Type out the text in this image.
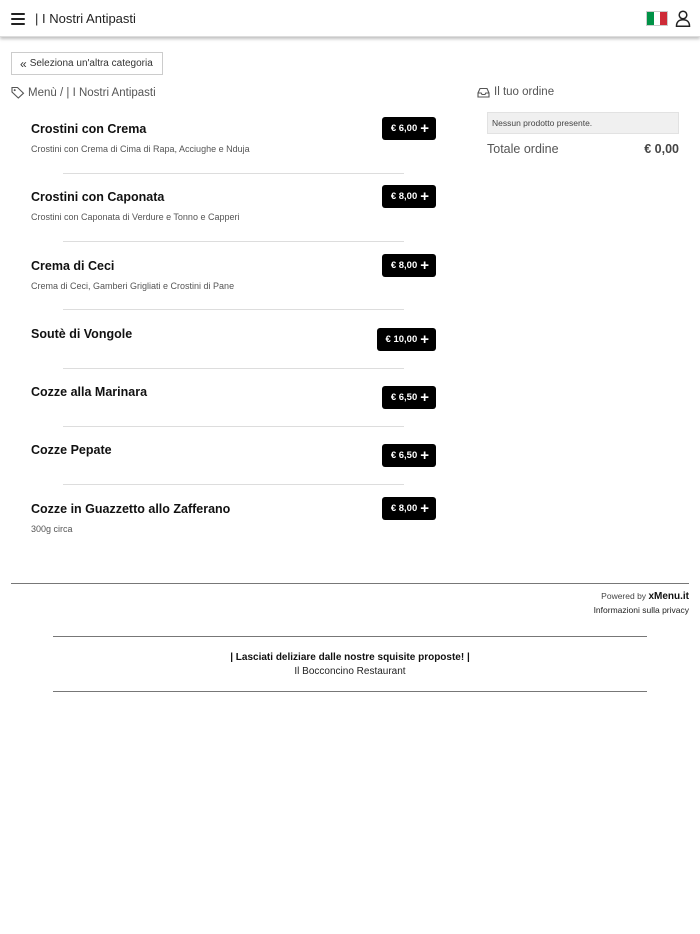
| I Nostri Antipasti
« Seleziona un'altra categoria
Menù / | I Nostri Antipasti
Crostini con Crema
Crostini con Crema di Cima di Rapa, Acciughe e Nduja
€ 6,00 +
Crostini con Caponata
Crostini con Caponata di Verdure e Tonno e Capperi
€ 8,00 +
Crema di Ceci
Crema di Ceci, Gamberi Grigliati e Crostini di Pane
€ 8,00 +
Soutè di Vongole	€ 10,00 +
Cozze alla Marinara	€ 6,50 +
Cozze Pepate	€ 6,50 +
Cozze in Guazzetto allo Zafferano
300g circa
€ 8,00 +
Il tuo ordine
Nessun prodotto presente.
Totale ordine	€ 0,00
Powered by xMenu.it
Informazioni sulla privacy
| Lasciati deliziare dalle nostre squisite proposte! |
Il Bocconcino Restaurant
